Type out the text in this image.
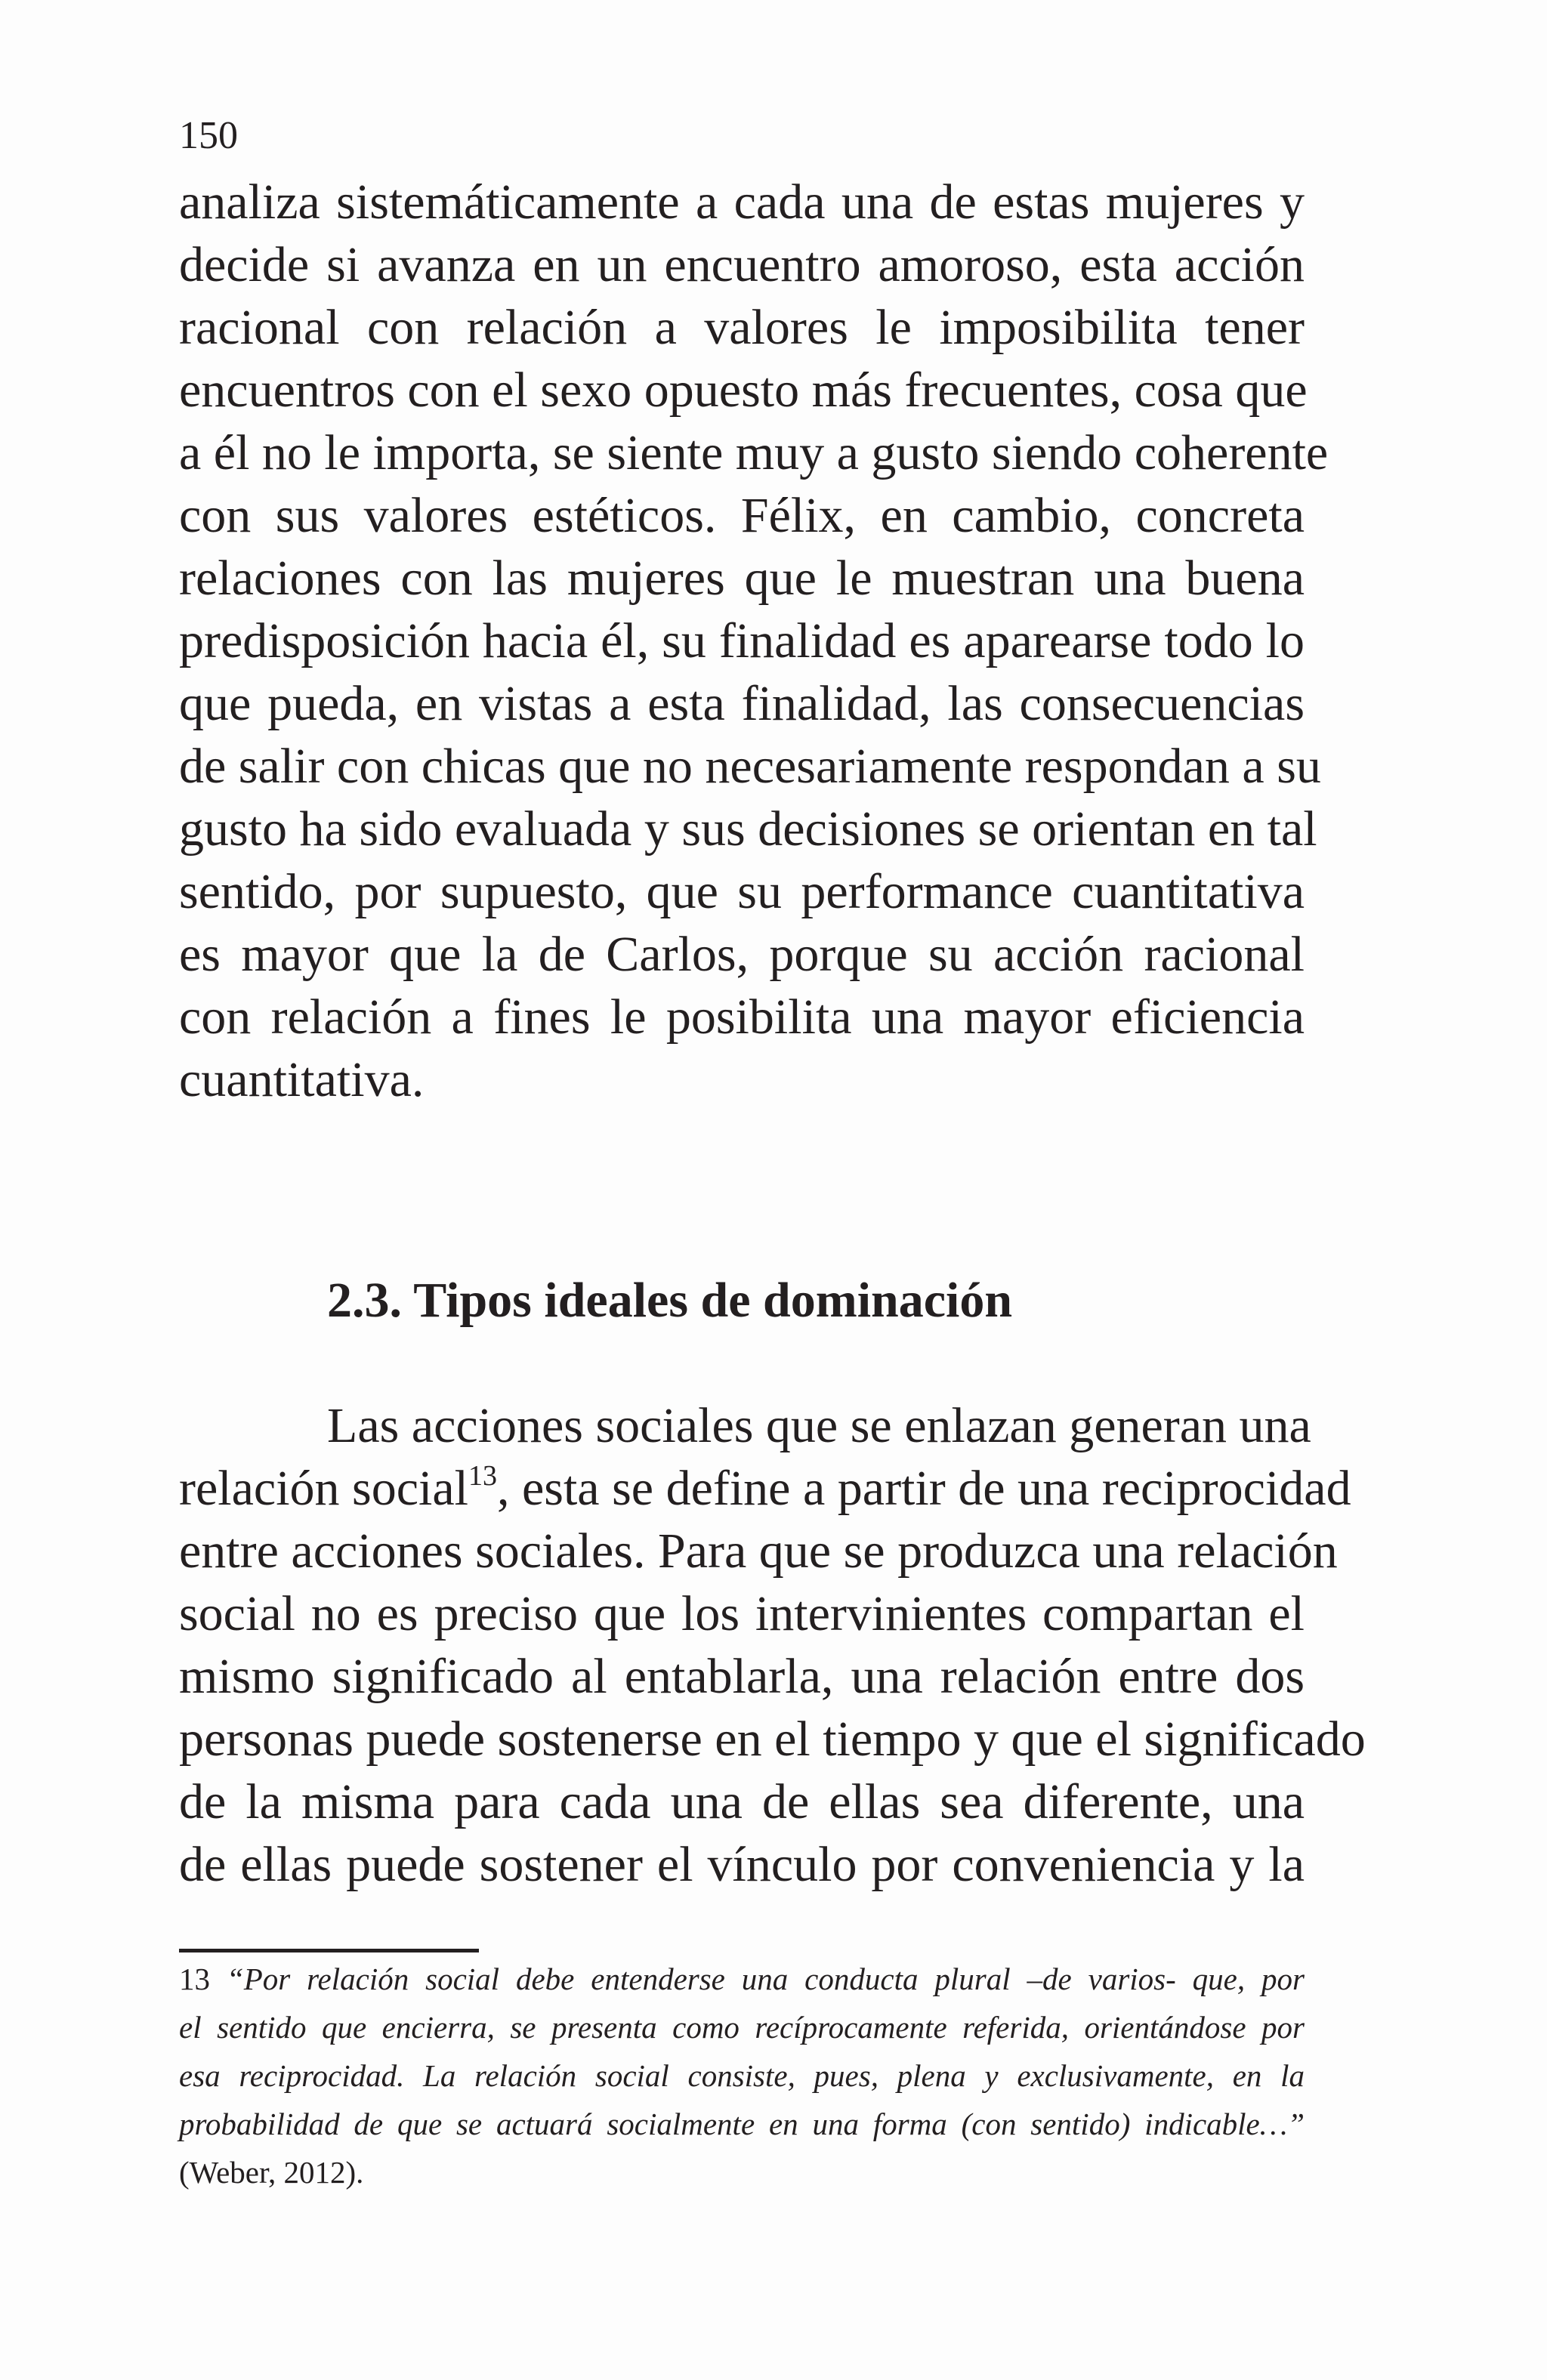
150
analiza sistemáticamente a cada una de estas mujeres y
decide si avanza en un encuentro amoroso, esta acción
racional con relación a valores le imposibilita tener
encuentros con el sexo opuesto más frecuentes, cosa que
a él no le importa, se siente muy a gusto siendo coherente
con sus valores estéticos. Félix, en cambio, concreta
relaciones con las mujeres que le muestran una buena
predisposición hacia él, su finalidad es aparearse todo lo
que pueda, en vistas a esta finalidad, las consecuencias
de salir con chicas que no necesariamente respondan a su
gusto ha sido evaluada y sus decisiones se orientan en tal
sentido, por supuesto, que su performance cuantitativa
es mayor que la de Carlos, porque su acción racional
con relación a fines le posibilita una mayor eficiencia
cuantitativa.
2.3. Tipos ideales de dominación
Las acciones sociales que se enlazan generan una
relación social$^{13}$, esta se define a partir de una reciprocidad
entre acciones sociales. Para que se produzca una relación
social no es preciso que los intervinientes compartan el
mismo significado al entablarla, una relación entre dos
personas puede sostenerse en el tiempo y que el significado
de la misma para cada una de ellas sea diferente, una
de ellas puede sostener el vínculo por conveniencia y la
13 “Por relación social debe entenderse una conducta plural –de varios- que, por
el sentido que encierra, se presenta como recíprocamente referida, orientándose por
esa reciprocidad. La relación social consiste, pues, plena y exclusivamente, en la
probabilidad de que se actuará socialmente en una forma (con sentido) indicable…”
(Weber, 2012).
